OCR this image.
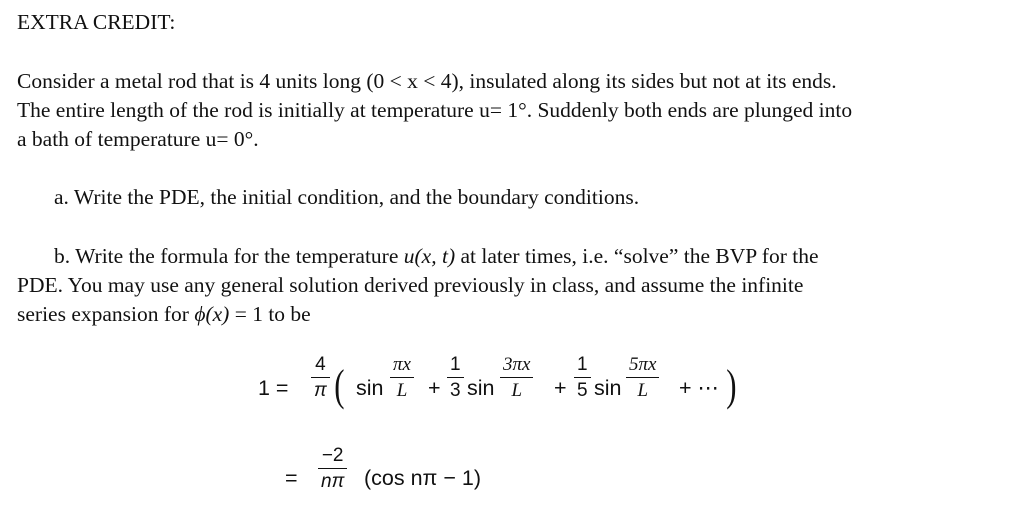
EXTRA CREDIT:
Consider a metal rod that is 4 units long (0 < x < 4), insulated along its sides but not at its ends.
The entire length of the rod is initially at temperature u= 1°. Suddenly both ends are plunged into
a bath of temperature u= 0°.
a. Write the PDE, the initial condition, and the boundary conditions.
b. Write the formula for the temperature u(x, t) at later times, i.e. “solve” the BVP for the
PDE. You may use any general solution derived previously in class, and assume the infinite
series expansion for ϕ(x) = 1 to be
1 =
4
π ( sin
πx
L +
1
3 sin
3πx
L +
1
5 sin
5πx
L + ⋯ )
=
−2
nπ (cos nπ − 1)
